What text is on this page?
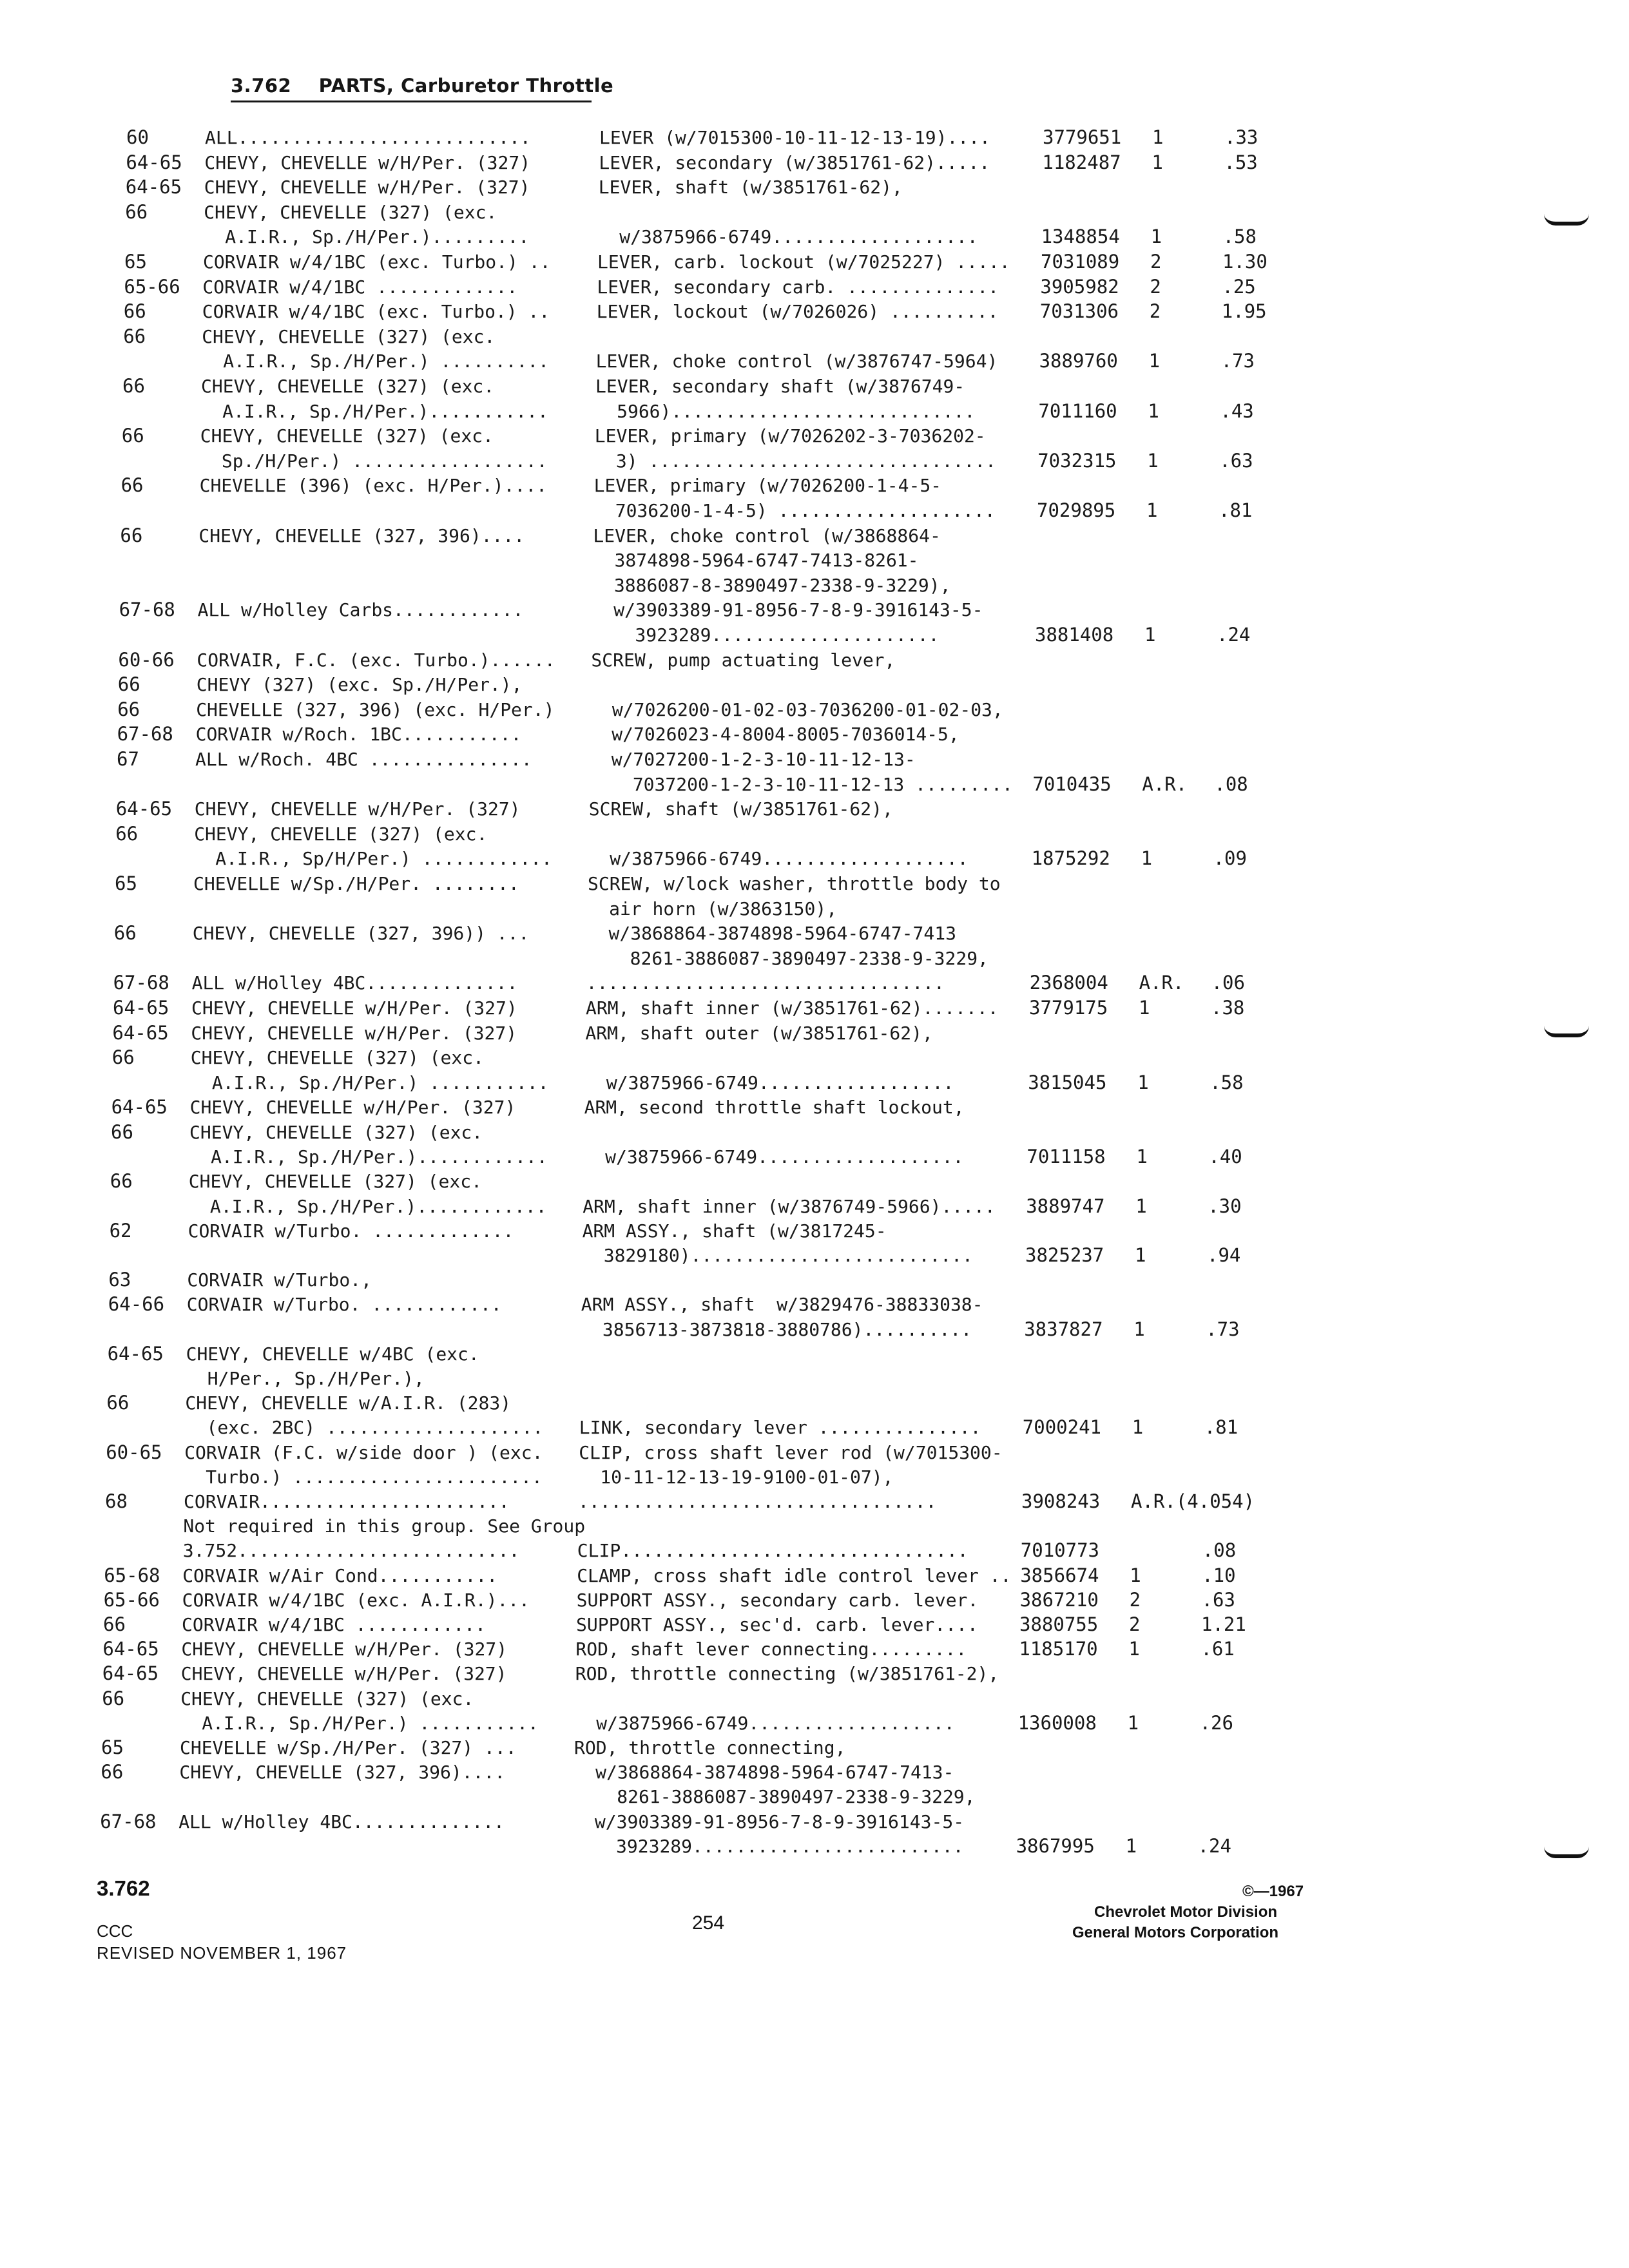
3.762 PARTS, Carburetor Throttle
60	ALL...........................	LEVER (w/7015300-10-11-12-13-19)....	3779651 1	.33
64-65 CHEVY, CHEVELLE w/H/Per. (327)	LEVER, secondary (w/3851761-62).....	1182487 1	.53
64-65 CHEVY, CHEVELLE w/H/Per. (327)	LEVER, shaft (w/3851761-62),
66	CHEVY, CHEVELLE (327) (exc.
A.I.R., Sp./H/Per.).........	w/3875966-6749...................	1348854 1	.58
65	CORVAIR w/4/1BC (exc. Turbo.) ..	LEVER, carb. lockout (w/7025227) ..... 7031089 2	1.30
65-66 CORVAIR w/4/1BC .............	LEVER, secondary carb. .............. 3905982 2	.25
66	CORVAIR w/4/1BC (exc. Turbo.) ..	LEVER, lockout (w/7026026) .......... 7031306 2	1.95
66	CHEVY, CHEVELLE (327) (exc.
A.I.R., Sp./H/Per.) ..........	LEVER, choke control (w/3876747-5964) 3889760 1	.73
66	CHEVY, CHEVELLE (327) (exc.	LEVER, secondary shaft (w/3876749-
A.I.R., Sp./H/Per.)...........	5966)............................	7011160 1	.43
66	CHEVY, CHEVELLE (327) (exc.	LEVER, primary (w/7026202-3-7036202-
Sp./H/Per.) ..................	3) ................................ 7032315 1	.63
66	CHEVELLE (396) (exc. H/Per.)....	LEVER, primary (w/7026200-1-4-5-
7036200-1-4-5) .................... 7029895 1	.81
66	CHEVY, CHEVELLE (327, 396)....	LEVER, choke control (w/3868864-
3874898-5964-6747-7413-8261-
3886087-8-3890497-2338-9-3229),
67-68 ALL w/Holley Carbs............	w/3903389-91-8956-7-8-9-3916143-5-
3923289.....................	3881408 1	.24
60-66 CORVAIR, F.C. (exc. Turbo.)...... SCREW, pump actuating lever,
66	CHEVY (327) (exc. Sp./H/Per.),
66	CHEVELLE (327, 396) (exc. H/Per.) w/7026200-01-02-03-7036200-01-02-03,
67-68 CORVAIR w/Roch. 1BC...........	w/7026023-4-8004-8005-7036014-5,
67	ALL w/Roch. 4BC ...............	w/7027200-1-2-3-10-11-12-13-
7037200-1-2-3-10-11-12-13 ......... 7010435 A.R. .08
64-65 CHEVY, CHEVELLE w/H/Per. (327)	SCREW, shaft (w/3851761-62),
66	CHEVY, CHEVELLE (327) (exc.
A.I.R., Sp/H/Per.) ............ w/3875966-6749...................	1875292 1	.09
65	CHEVELLE w/Sp./H/Per. ........	SCREW, w/lock washer, throttle body to
air horn (w/3863150),
66	CHEVY, CHEVELLE (327, 396)) ...	w/3868864-3874898-5964-6747-7413
8261-3886087-3890497-2338-9-3229,
67-68 ALL w/Holley 4BC..............	.................................	2368004 A.R. .06
64-65 CHEVY, CHEVELLE w/H/Per. (327)	ARM, shaft inner (w/3851761-62)....... 3779175 1	.38
64-65 CHEVY, CHEVELLE w/H/Per. (327)	ARM, shaft outer (w/3851761-62),
66	CHEVY, CHEVELLE (327) (exc.
A.I.R., Sp./H/Per.) ........... w/3875966-6749..................	3815045 1	.58
64-65 CHEVY, CHEVELLE w/H/Per. (327)	ARM, second throttle shaft lockout,
66	CHEVY, CHEVELLE (327) (exc.
A.I.R., Sp./H/Per.)............ w/3875966-6749...................	7011158 1	.40
66	CHEVY, CHEVELLE (327) (exc.
A.I.R., Sp./H/Per.)............ ARM, shaft inner (w/3876749-5966)..... 3889747 1	.30
62	CORVAIR w/Turbo. .............	ARM ASSY., shaft (w/3817245-
3829180)..........................	3825237 1	.94
63	CORVAIR w/Turbo.,
64-66 CORVAIR w/Turbo. ............	ARM ASSY., shaft  w/3829476-38833038-
3856713-3873818-3880786)..........	3837827 1	.73
64-65 CHEVY, CHEVELLE w/4BC (exc.
H/Per., Sp./H/Per.),
66	CHEVY, CHEVELLE w/A.I.R. (283)
(exc. 2BC) .................... LINK, secondary lever ............... 7000241 1	.81
60-65 CORVAIR (F.C. w/side door ) (exc. CLIP, cross shaft lever rod (w/7015300-
Turbo.) ....................... 10-11-12-13-19-9100-01-07),
68	CORVAIR.......................	.................................	3908243 A.R.(4.054)
Not required in this group. See Group
3.752..........................	CLIP................................	7010773	.08
65-68 CORVAIR w/Air Cond...........	CLAMP, cross shaft idle control lever .. 3856674 1	.10
65-66 CORVAIR w/4/1BC (exc. A.I.R.)...	SUPPORT ASSY., secondary carb. lever. 3867210 2	.63
66	CORVAIR w/4/1BC ............	SUPPORT ASSY., sec'd. carb. lever.... 3880755 2	1.21
64-65 CHEVY, CHEVELLE w/H/Per. (327)	ROD, shaft lever connecting.........	1185170 1	.61
64-65 CHEVY, CHEVELLE w/H/Per. (327)	ROD, throttle connecting (w/3851761-2),
66	CHEVY, CHEVELLE (327) (exc.
A.I.R., Sp./H/Per.) ........... w/3875966-6749...................	1360008 1	.26
65	CHEVELLE w/Sp./H/Per. (327) ...	ROD, throttle connecting,
66	CHEVY, CHEVELLE (327, 396)....	w/3868864-3874898-5964-6747-7413-
8261-3886087-3890497-2338-9-3229,
67-68 ALL w/Holley 4BC..............	w/3903389-91-8956-7-8-9-3916143-5-
3923289.........................	3867995 1	.24
3.762
CCC
REVISED NOVEMBER 1, 1967
254
©—1967
Chevrolet Motor Division
General Motors Corporation
